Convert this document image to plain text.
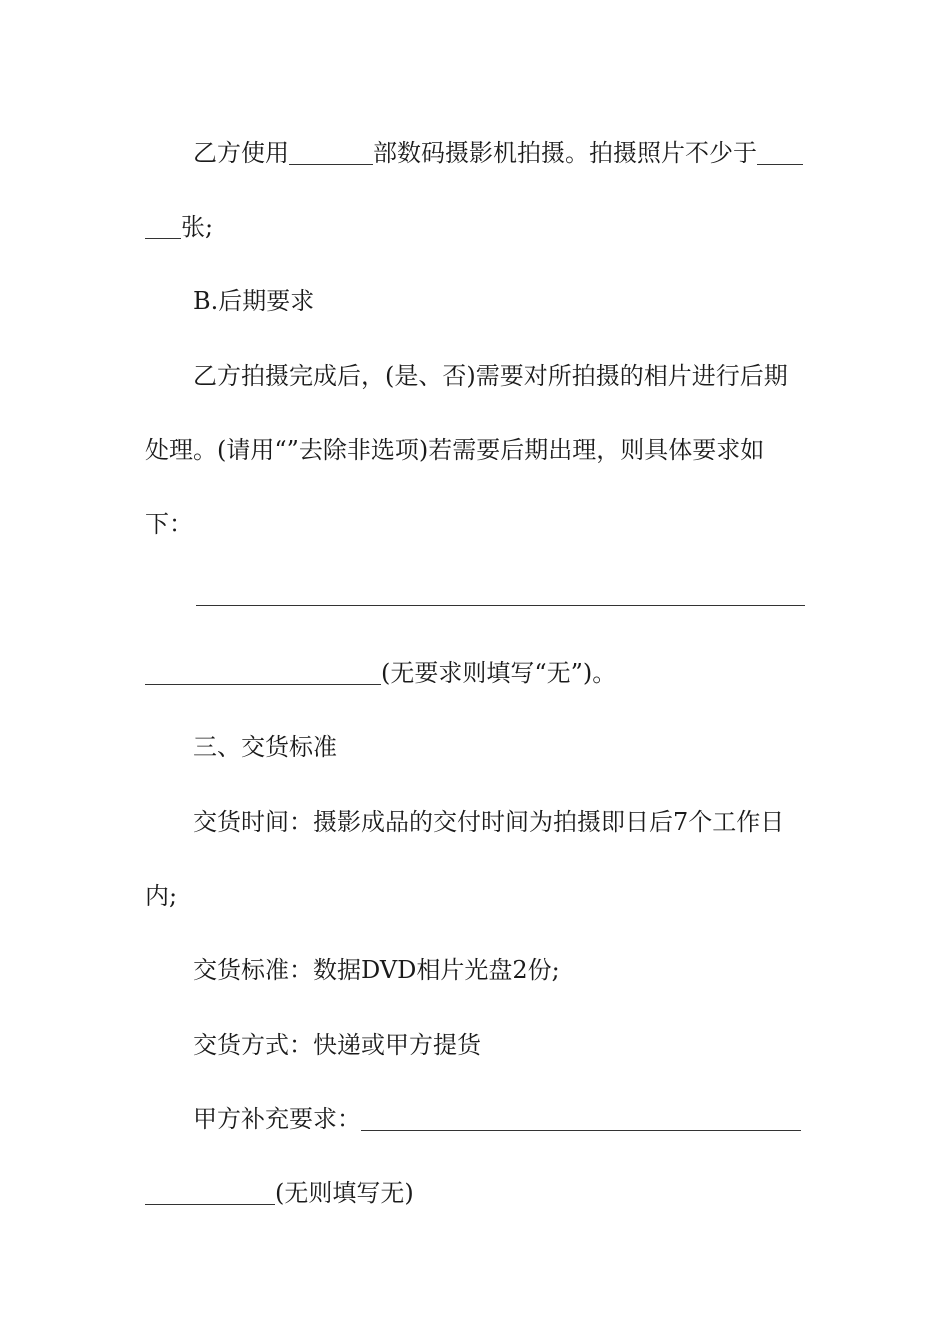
乙方使用	部数码摄影机拍摄。拍摄照片不少于
张;
B.后期要求
乙方拍摄完成后，(是、否)需要对所拍摄的相片进行后期
处理。(请用“”去除非选项)若需要后期出理，则具体要求如
下：
(无要求则填写“无”)。
三、交货标准
交货时间：摄影成品的交付时间为拍摄即日后7个工作日
内;
交货标准：数据DVD相片光盘2份;
交货方式：快递或甲方提货
甲方补充要求：
(无则填写无)
